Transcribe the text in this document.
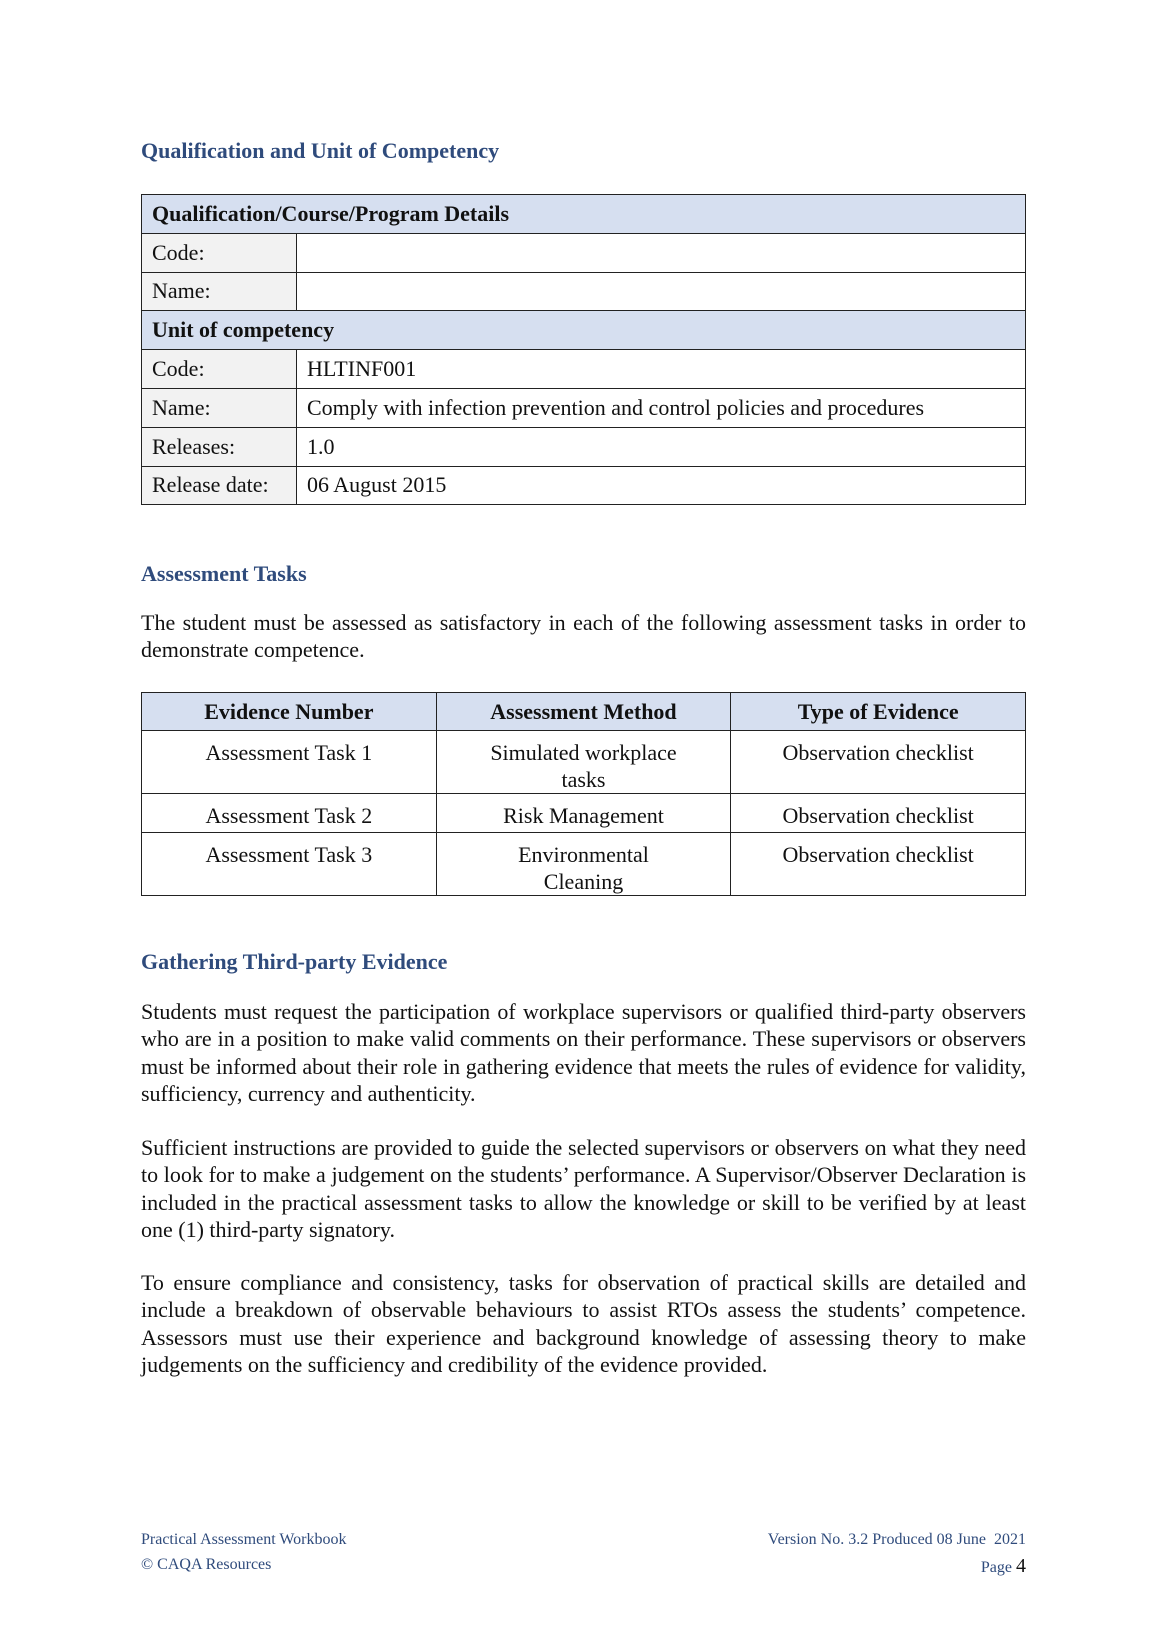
Qualification and Unit of Competency
Qualification/Course/Program Details	
Code:	
Name:	
Unit of competency	
Code:	HLTINF001
Name:	Comply with infection prevention and control policies and procedures
Releases:	1.0
Release date:	06 August 2015
Assessment Tasks

The student must be assessed as satisfactory in each of the following assessment tasks in order to demonstrate competence.

Evidence Number	Assessment Method	Type of Evidence
Assessment Task 1	Simulated workplace tasks	Observation checklist
Assessment Task 2	Risk Management	Observation checklist
Assessment Task 3	Environmental Cleaning	Observation checklist
Gathering Third-party Evidence

Students must request the participation of workplace supervisors or qualified third-party observers who are in a position to make valid comments on their performance. These supervisors or observers must be informed about their role in gathering evidence that meets the rules of evidence for validity, sufficiency, currency and authenticity.

Sufficient instructions are provided to guide the selected supervisors or observers on what they need to look for to make a judgement on the students’ performance. A Supervisor/Observer Declaration is included in the practical assessment tasks to allow the knowledge or skill to be verified by at least one (1) third-party signatory.

To ensure compliance and consistency, tasks for observation of practical skills are detailed and include a breakdown of observable behaviours to assist RTOs assess the students’ competence. Assessors must use their experience and background knowledge of assessing theory to make judgements on the sufficiency and credibility of the evidence provided.

Practical Assessment Workbook
© CAQA Resources
Version No. 3.2 Produced 08 June  2021
Page 4
